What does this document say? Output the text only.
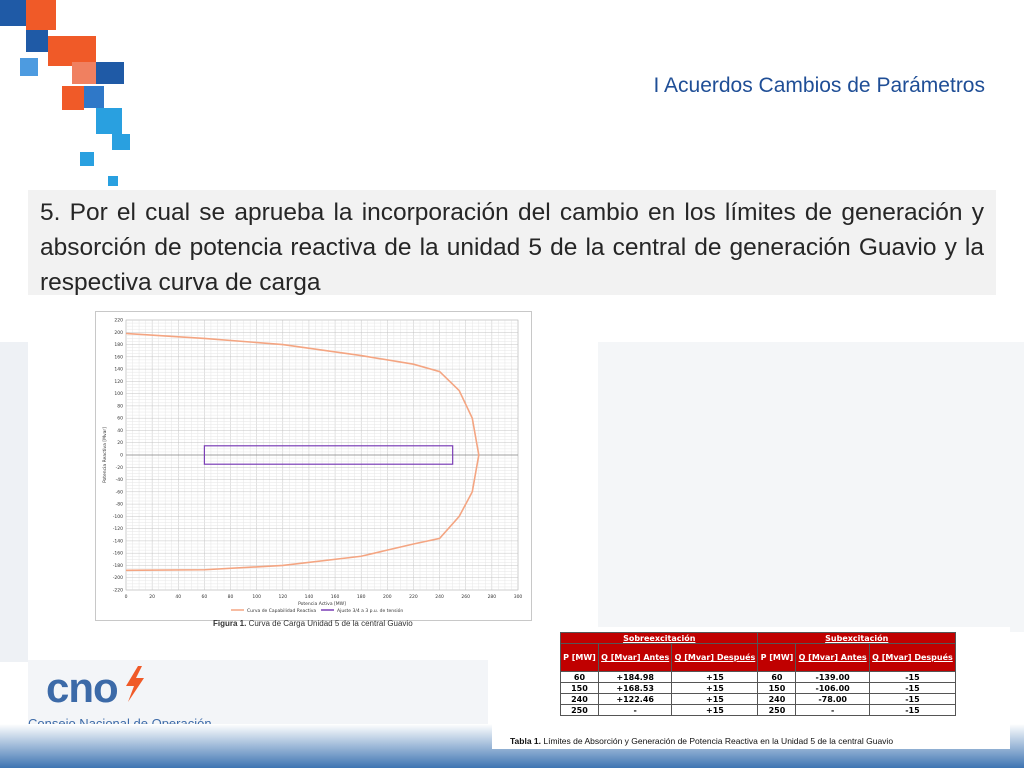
I Acuerdos Cambios de Parámetros
5. Por el cual se aprueba la incorporación del cambio en los límites de generación y absorción de potencia reactiva de la unidad 5 de la central de generación Guavio y la respectiva curva de carga
0	20	40	60	80	100	120	140	160	180	200	220	240	260	280	300
220
200
180
160
140
120
100
80
60
40
20
0
-20
-40
-60
-80
-100
-120
-140
-160
-180
-200
-220
Potencia Activa [MW]
Potencia Reactiva [Mvar]
Curva de Capabilidad Reactiva	Ajuste 3/4 a 3 p.u. de tensión
Figura 1. Curva de Carga Unidad 5 de la central Guavio
cno
Sobreexcitación			Subexcitación		
P [MW]	Q [Mvar] Antes	Q [Mvar] Después	P [MW]	Q [Mvar] Antes	Q [Mvar] Después
60	+184.98	+15	60	-139.00	-15
150	+168.53	+15	150	-106.00	-15
240	+122.46	+15	240	-78.00	-15
250	-	+15	250	-	-15
Tabla 1. Límites de Absorción y Generación de Potencia Reactiva en la Unidad 5 de la central Guavio
